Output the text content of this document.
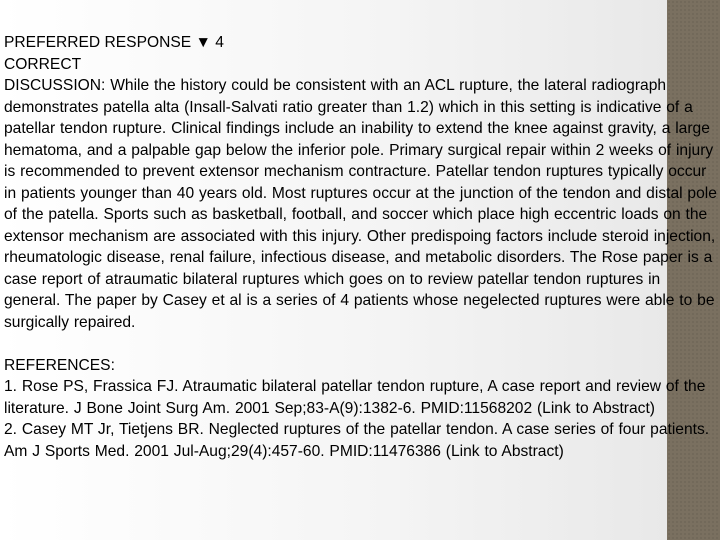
PREFERRED RESPONSE ▼ 4
CORRECT
DISCUSSION: While the history could be consistent with an ACL rupture, the lateral radiograph demonstrates patella alta (Insall-Salvati ratio greater than 1.2) which in this setting is indicative of a patellar tendon rupture. Clinical findings include an inability to extend the knee against gravity, a large hematoma, and a palpable gap below the inferior pole. Primary surgical repair within 2 weeks of injury is recommended to prevent extensor mechanism contracture. Patellar tendon ruptures typically occur in patients younger than 40 years old. Most ruptures occur at the junction of the tendon and distal pole of the patella. Sports such as basketball, football, and soccer which place high eccentric loads on the extensor mechanism are associated with this injury. Other predispoing factors include steroid injection, rheumatologic disease, renal failure, infectious disease, and metabolic disorders. The Rose paper is a case report of atraumatic bilateral ruptures which goes on to review patellar tendon ruptures in general. The paper by Casey et al is a series of 4 patients whose negelected ruptures were able to be surgically repaired.
REFERENCES:
1. Rose PS, Frassica FJ. Atraumatic bilateral patellar tendon rupture, A case report and review of the literature. J Bone Joint Surg Am. 2001 Sep;83-A(9):1382-6. PMID:11568202 (Link to Abstract)
2. Casey MT Jr, Tietjens BR. Neglected ruptures of the patellar tendon. A case series of four patients. Am J Sports Med. 2001 Jul-Aug;29(4):457-60. PMID:11476386 (Link to Abstract)
